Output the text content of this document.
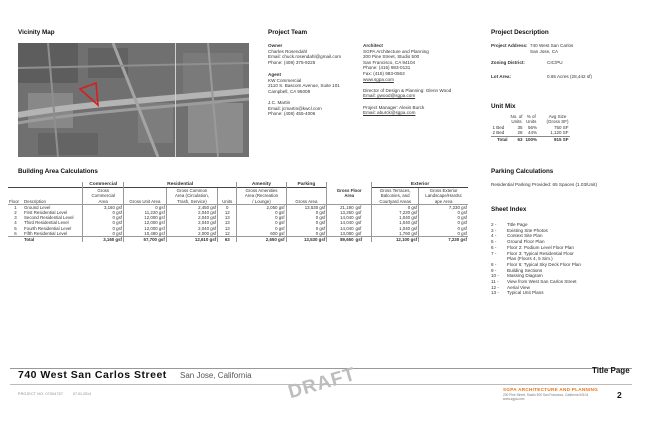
Vicinity Map	Project Team
Owner
Charles Rosendahl
Email: chuck.rosendahl@gmail.com
Phone: (408) 375-9225
Agent
KW Commercial
2110 S. Bascom Avenue, Suite 101
Campbell, CA 95008
J.C. Martin
Email: jcmartin@kwcl.com
Phone: (408) 455-4006
Architect
SGPA Architecture and Planning
200 Pine Street, Studio 500
San Francisco, CA 94104
Phone: (415) 983-0131
Fax: (415) 983-0563
www.sgpa.com
Director of Design & Planning: Glenn Wood
Email: gwood@sgpa.com
Project Manager: Alexis Burck
Email: aburck@sgpa.com
Project Description
Project Address: 740 West San Carlos
San Jose, CA
Zoning District:	CIC/PU
Lot Area:	0.65 Acres (28,442 sf)
Unit Mix
	No. of	% of	Avg Size
	Units	Units	(Gross SF)
1 Bed	35	56%	750 SF
2 Bed	28	44%	1,120 SF
Total	63	100%	915 SF
Parking Calculations
Residential Parking Provided: 65 Spaces (1.03/Unit)
Sheet Index
2 -	Title Page
3 -	Existing Site Photos
4 -	Context Site Plan
5 -	Ground Floor Plan
6 -	Floor 2: Podium Level Floor Plan
7 -	Floor 3: Typical Residential Floor
Plan (Floors 4, 5 Sim.)
8 -	Floor 6: Typical Sky Deck Floor Plan
9 -	Building Sections
10 -	Massing Diagram
11 -	View from West San Carlos Street
12 -	Aerial View
13 -	Typical Unit Plans
Building Area Calculations
		Commercial	Residential			Amenity	Parking			Exterior	
		Gross		Gross Common		Gross Amenities		Gross Floor		Gross Terraces,	Gross Exterior
		Commercial		Area (Circulation,		Area (Recreation		Area		Balconies, and	Landscape/Hardsc
Floor	Description	Area	Gross Unit Area	Trash, Service)	Units	/ Lounge)	Gross Area			Courtyard Areas	ape Area
1	Ground Level	3,160 gsf	0 gsf	2,450 gsf	0	2,050 gsf	13,530 gsf	21,190	gsf	0 gsf	7,230 gsf
2	First Residential Level	0 gsf	11,220 gsf	2,040 gsf	12	0 gsf	0 gsf	13,260	gsf	7,220 gsf	0 gsf
3	Second Residential Level	0 gsf	12,000 gsf	2,040 gsf	13	0 gsf	0 gsf	14,040	gsf	1,040 gsf	0 gsf
4	Third Residential Level	0 gsf	12,000 gsf	2,040 gsf	13	0 gsf	0 gsf	14,040	gsf	1,040 gsf	0 gsf
5	Fourth Residential Level	0 gsf	12,000 gsf	2,040 gsf	13	0 gsf	0 gsf	14,040	gsf	1,040 gsf	0 gsf
6	Fifth Residential Level	0 gsf	10,480 gsf	2,000 gsf	12	600 gsf	0 gsf	13,080	gsf	1,760 gsf	0 gsf
	Total	3,160 gsf	57,700 gsf	12,610 gsf	63	2,650 gsf	13,530 gsf	89,650	gsf	12,100 gsf	7,230 gsf
740 West San Carlos Street San Jose, California
Title Page
PROJECT NO. 07004757	07.01.2014	DRAFT	SGPA ARCHITECTURE AND PLANNING
200 Pine Street, Studio 500 San Francisco, California 94104
www.sgpa.com	2
